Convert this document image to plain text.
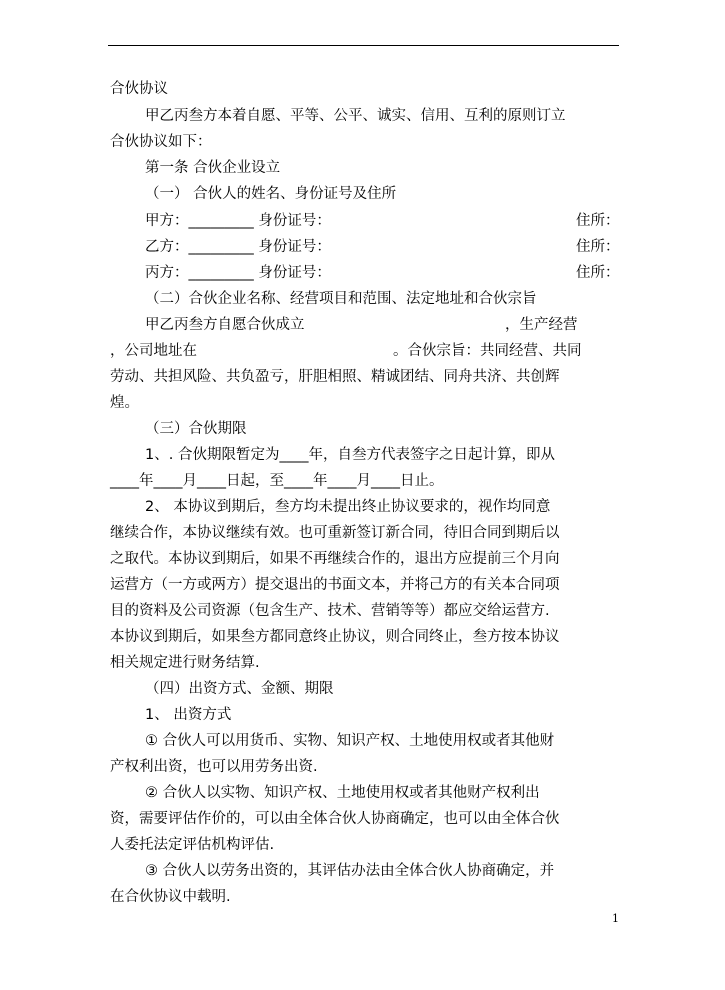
合伙协议
甲乙丙叁方本着自愿、平等、公平、诚实、信用、互利的原则订立
合伙协议如下：
第一条 合伙企业设立
（一） 合伙人的姓名、身份证号及住所
甲方：_________ 身份证号：	住所：
乙方：_________ 身份证号：	住所：
丙方：_________ 身份证号：	住所：
（二）合伙企业名称、经营项目和范围、法定地址和合伙宗旨
甲乙丙叁方自愿合伙成立	，生产经营
，公司地址在	。合伙宗旨：共同经营、共同
劳动、共担风险、共负盈亏，肝胆相照、精诚团结、同舟共济、共创辉
煌。
（三）合伙期限
1、. 合伙期限暂定为____年，自叁方代表签字之日起计算，即从
____年____月____日起，至____年____月____日止。
2、 本协议到期后，叁方均未提出终止协议要求的，视作均同意
继续合作，本协议继续有效。也可重新签订新合同，待旧合同到期后以
之取代。本协议到期后，如果不再继续合作的，退出方应提前三个月向
运营方（一方或两方）提交退出的书面文本，并将己方的有关本合同项
目的资料及公司资源（包含生产、技术、营销等等）都应交给运营方.
本协议到期后，如果叁方都同意终止协议，则合同终止，叁方按本协议
相关规定进行财务结算.
（四）出资方式、金额、期限
1、 出资方式
① 合伙人可以用货币、实物、知识产权、土地使用权或者其他财
产权利出资，也可以用劳务出资.
② 合伙人以实物、知识产权、土地使用权或者其他财产权利出
资，需要评估作价的，可以由全体合伙人协商确定，也可以由全体合伙
人委托法定评估机构评估.
③ 合伙人以劳务出资的，其评估办法由全体合伙人协商确定，并
在合伙协议中载明.
1
